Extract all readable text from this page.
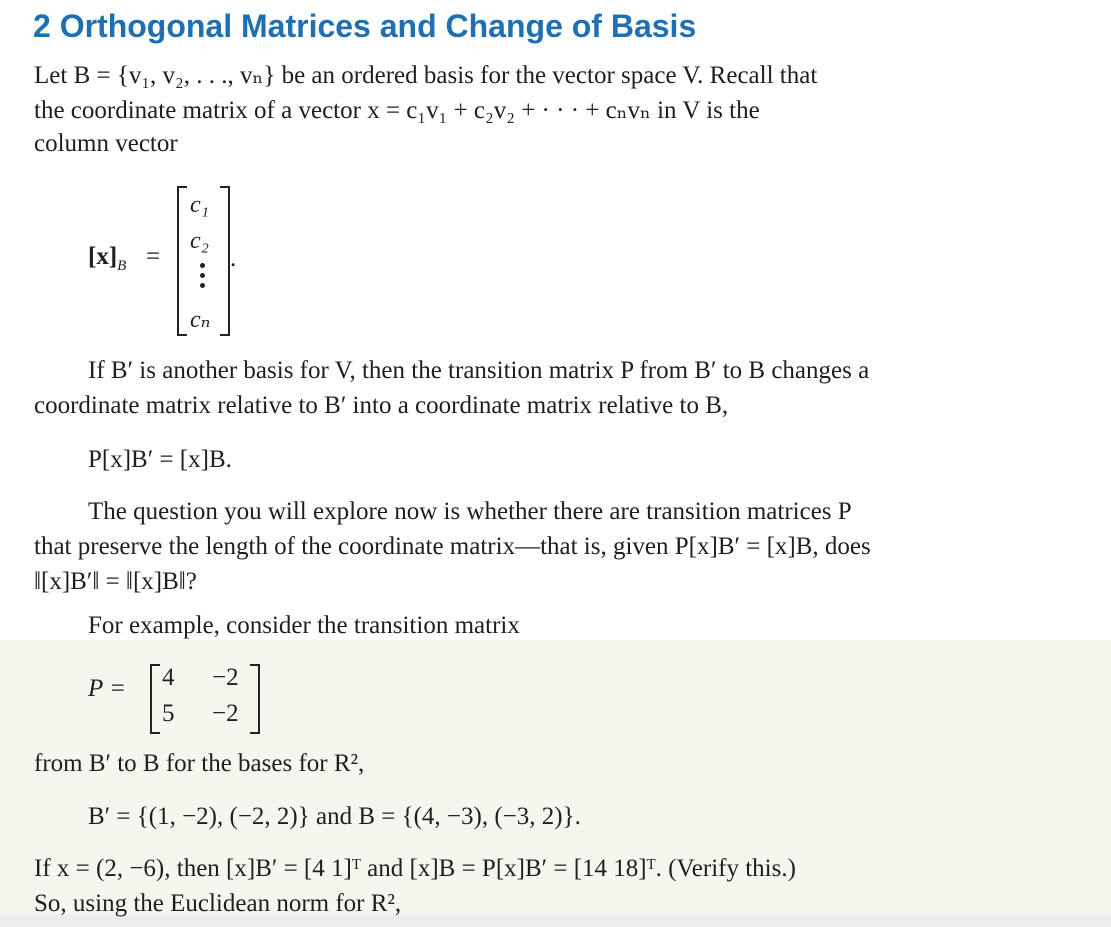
2 Orthogonal Matrices and Change of Basis
Let B = {v₁, v₂, . . ., vₙ} be an ordered basis for the vector space V. Recall that
the coordinate matrix of a vector x = c₁v₁ + c₂v₂ + · · · + cₙvₙ in V is the
column vector
$[x]_B$ =
c₁
c₂
cₙ
.
If B′ is another basis for V, then the transition matrix P from B′ to B changes a
coordinate matrix relative to B′ into a coordinate matrix relative to B,
P[x]B′ = [x]B.
The question you will explore now is whether there are transition matrices P
that preserve the length of the coordinate matrix—that is, given P[x]B′ = [x]B, does
‖[x]B′‖ = ‖[x]B‖?
For example, consider the transition matrix
P = 4 −2
5 −2
from B′ to B for the bases for R²,
B′ = {(1, −2), (−2, 2)} and B = {(4, −3), (−3, 2)}.
If x = (2, −6), then [x]B′ = [4 1]ᵀ and [x]B = P[x]B′ = [14 18]ᵀ. (Verify this.)
So, using the Euclidean norm for R²,
